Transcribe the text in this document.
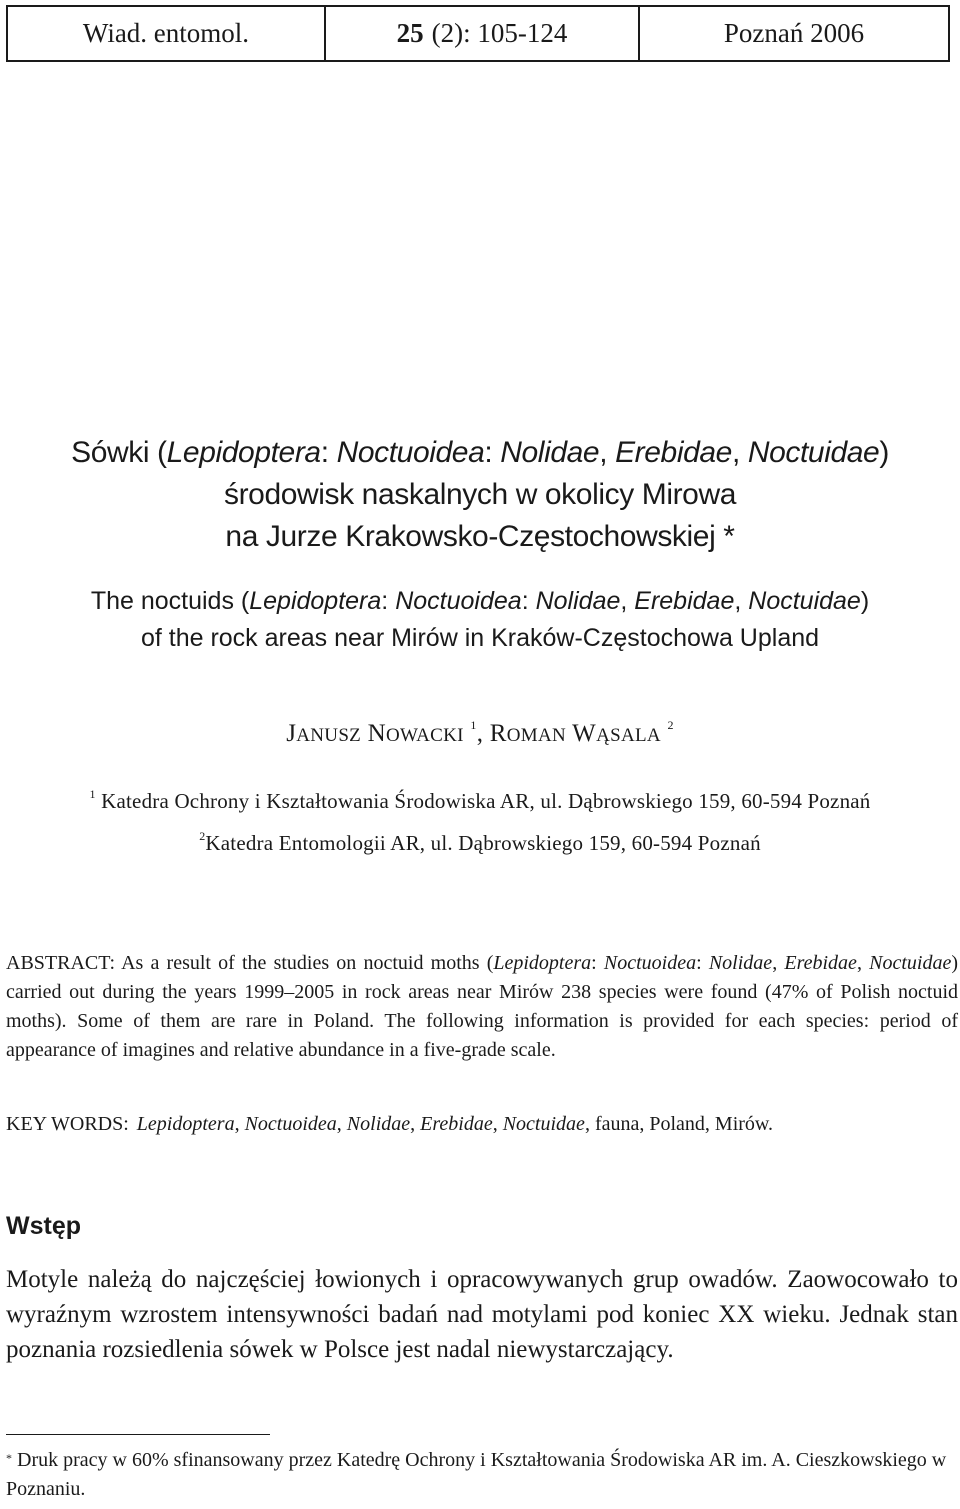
Wiad. entomol.	25 (2): 105-124	Poznań 2006
Sówki (Lepidoptera: Noctuoidea: Nolidae, Erebidae, Noctuidae)
środowisk naskalnych w okolicy Mirowa
na Jurze Krakowsko-Częstochowskiej *
The noctuids (Lepidoptera: Noctuoidea: Nolidae, Erebidae, Noctuidae)
of the rock areas near Mirów in Kraków-Częstochowa Upland
JANUSZ NOWACKI $^1$, ROMAN WĄSALA $^2$
$^1$ Katedra Ochrony i Kształtowania Środowiska AR, ul. Dąbrowskiego 159, 60-594 Poznań
$^2$Katedra Entomologii AR, ul. Dąbrowskiego 159, 60-594 Poznań
ABSTRACT: As a result of the studies on noctuid moths (Lepidoptera: Noctuoidea: Nolidae, Erebidae, Noctuidae) carried out during the years 1999–2005 in rock areas near Mirów 238 species were found (47% of Polish noctuid moths). Some of them are rare in Poland. The following information is provided for each species: period of appearance of imagines and relative abundance in a five-grade scale.
KEY WORDS: Lepidoptera, Noctuoidea, Nolidae, Erebidae, Noctuidae, fauna, Poland, Mirów.
Wstęp
Motyle należą do najczęściej łowionych i opracowywanych grup owadów. Zaowocowało to wyraźnym wzrostem intensywności badań nad motylami pod koniec XX wieku. Jednak stan poznania rozsiedlenia sówek w Polsce jest nadal niewystarczający.
* Druk pracy w 60% sfinansowany przez Katedrę Ochrony i Kształtowania Środowiska AR im. A. Cieszkowskiego w Poznaniu.
